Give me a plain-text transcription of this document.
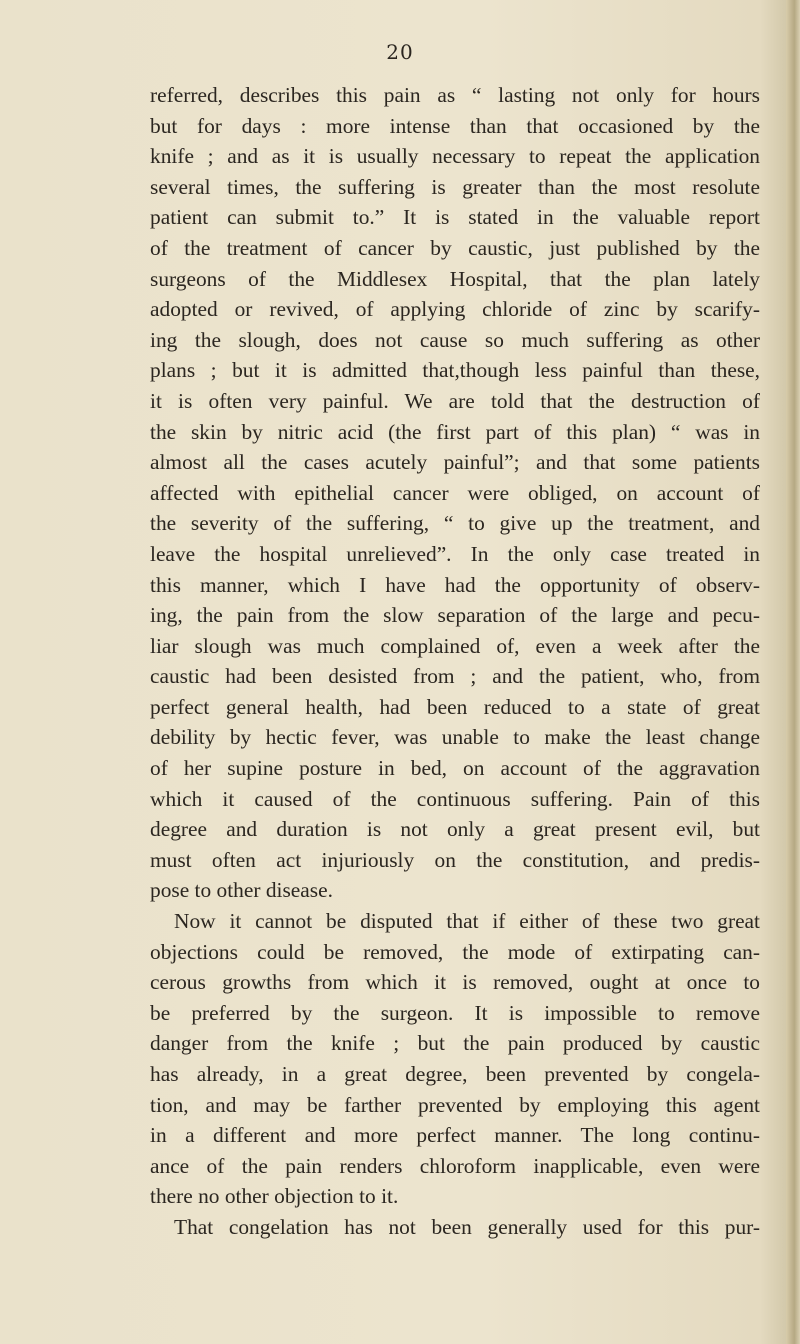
20
referred, describes this pain as “ lasting not only for hours
but for days : more intense than that occasioned by the
knife ; and as it is usually necessary to repeat the application
several times, the suffering is greater than the most resolute
patient can submit to.” It is stated in the valuable report
of the treatment of cancer by caustic, just published by the
surgeons of the Middlesex Hospital, that the plan lately
adopted or revived, of applying chloride of zinc by scarify-
ing the slough, does not cause so much suffering as other
plans ; but it is admitted that,though less painful than these,
it is often very painful. We are told that the destruction of
the skin by nitric acid (the first part of this plan) “ was in
almost all the cases acutely painful”; and that some patients
affected with epithelial cancer were obliged, on account of
the severity of the suffering, “ to give up the treatment, and
leave the hospital unrelieved”. In the only case treated in
this manner, which I have had the opportunity of observ-
ing, the pain from the slow separation of the large and pecu-
liar slough was much complained of, even a week after the
caustic had been desisted from ; and the patient, who, from
perfect general health, had been reduced to a state of great
debility by hectic fever, was unable to make the least change
of her supine posture in bed, on account of the aggravation
which it caused of the continuous suffering. Pain of this
degree and duration is not only a great present evil, but
must often act injuriously on the constitution, and predis-
pose to other disease.
Now it cannot be disputed that if either of these two great
objections could be removed, the mode of extirpating can-
cerous growths from which it is removed, ought at once to
be preferred by the surgeon. It is impossible to remove
danger from the knife ; but the pain produced by caustic
has already, in a great degree, been prevented by congela-
tion, and may be farther prevented by employing this agent
in a different and more perfect manner. The long continu-
ance of the pain renders chloroform inapplicable, even were
there no other objection to it.
That congelation has not been generally used for this pur-
